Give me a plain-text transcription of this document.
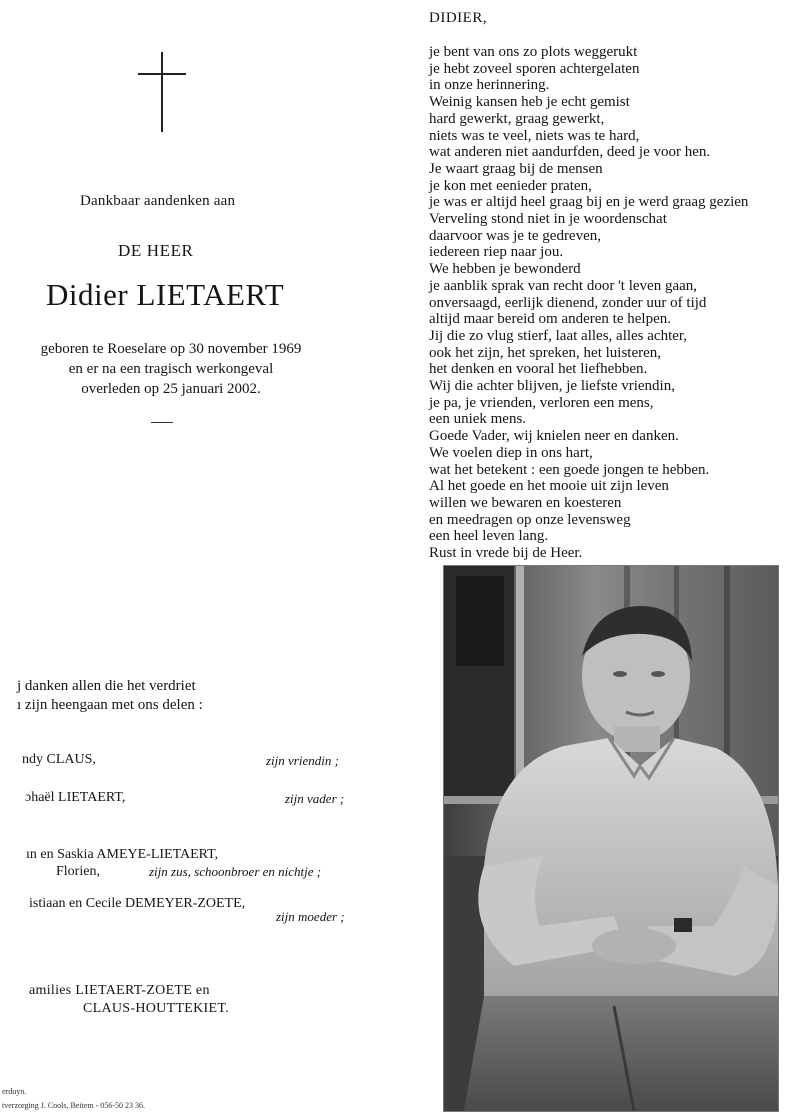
Dankbaar aandenken aan
DE HEER
Didier LIETAERT
geboren te Roeselare op 30 november 1969
en er na een tragisch werkongeval
overleden op 25 januari 2002.
j danken allen die het verdriet
ı zijn heengaan met ons delen :
ndy CLAUS,	zijn vriendin ;
ɔhaël LIETAERT,	zijn vader ;
ın en Saskia AMEYE-LIETAERT,
Florien,	zijn zus, schoonbroer en nichtje ;
istiaan en Cecile DEMEYER-ZOETE,
zijn moeder ;
amilies LIETAERT-ZOETE en
CLAUS-HOUTTEKIET.
erduyn.
tverzorging J. Cools, Beitem - 056-50 23 36.
DIDIER,
je bent van ons zo plots weggerukt
je hebt zoveel sporen achtergelaten
in onze herinnering.
Weinig kansen heb je echt gemist
hard gewerkt, graag gewerkt,
niets was te veel, niets was te hard,
wat anderen niet aandurfden, deed je voor hen.
Je waart graag bij de mensen
je kon met eenieder praten,
je was er altijd heel graag bij en je werd graag gezien
Verveling stond niet in je woordenschat
daarvoor was je te gedreven,
iedereen riep naar jou.
We hebben je bewonderd
je aanblik sprak van recht door 't leven gaan,
onversaagd, eerlijk dienend, zonder uur of tijd
altijd maar bereid om anderen te helpen.
Jij die zo vlug stierf, laat alles, alles achter,
ook het zijn, het spreken, het luisteren,
het denken en vooral het liefhebben.
Wij die achter blijven, je liefste vriendin,
je pa, je vrienden, verloren een mens,
een uniek mens.
Goede Vader, wij knielen neer en danken.
We voelen diep in ons hart,
wat het betekent : een goede jongen te hebben.
Al het goede en het mooie uit zijn leven
willen we bewaren en koesteren
en meedragen op onze levensweg
een heel leven lang.
Rust in vrede bij de Heer.
